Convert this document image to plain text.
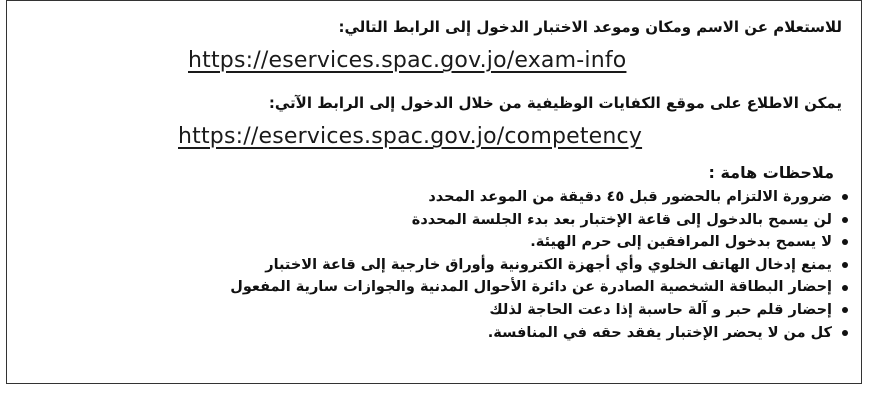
للاستعلام عن الاسم ومكان وموعد الاختبار الدخول إلى الرابط التالي:
https://eservices.spac.gov.jo/exam-info
يمكن الاطلاع على موقع الكفايات الوظيفية من خلال الدخول إلى الرابط الآتي:
https://eservices.spac.gov.jo/competency
ملاحظات هامة :
ضرورة الالتزام بالحضور قبل ٤٥ دقيقة من الموعد المحدد
لن يسمح بالدخول إلى قاعة الإختبار بعد بدء الجلسة المحددة
لا يسمح بدخول المرافقين إلى حرم الهيئة.
يمنع إدخال الهاتف الخلوي وأي أجهزة الكترونية وأوراق خارجية إلى قاعة الاختبار
إحضار البطاقة الشخصية الصادرة عن دائرة الأحوال المدنية والجوازات سارية المفعول
إحضار قلم حبر و آلة حاسبة إذا دعت الحاجة لذلك
كل من لا يحضر الإختبار يفقد حقه في المنافسة.
